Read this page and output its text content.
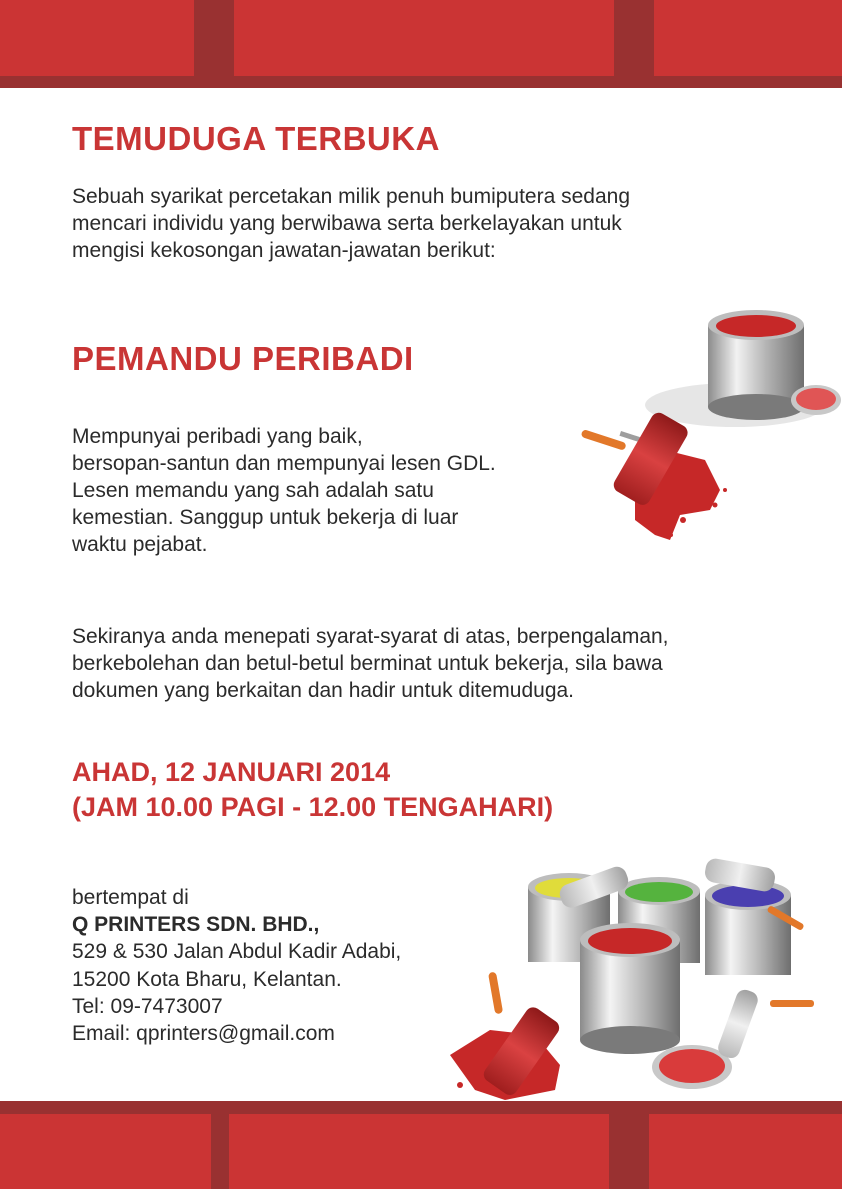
TEMUDUGA TERBUKA

Sebuah syarikat percetakan milik penuh bumiputera sedang
mencari individu yang berwibawa serta berkelayakan untuk
mengisi kekosongan jawatan-jawatan berikut:

PEMANDU PERIBADI

Mempunyai peribadi yang baik,
bersopan-santun dan mempunyai lesen GDL.
Lesen memandu yang sah adalah satu
kemestian. Sanggup untuk bekerja di luar
waktu pejabat.

Sekiranya anda menepati syarat-syarat di atas, berpengalaman,
berkebolehan dan betul-betul berminat untuk bekerja, sila bawa
dokumen yang berkaitan dan hadir untuk ditemuduga.

AHAD, 12 JANUARI 2014
(JAM 10.00 PAGI - 12.00 TENGAHARI)
bertempat di
Q PRINTERS SDN. BHD.,
529 & 530 Jalan Abdul Kadir Adabi,
15200 Kota Bharu, Kelantan.
Tel: 09-7473007
Email: qprinters@gmail.com
